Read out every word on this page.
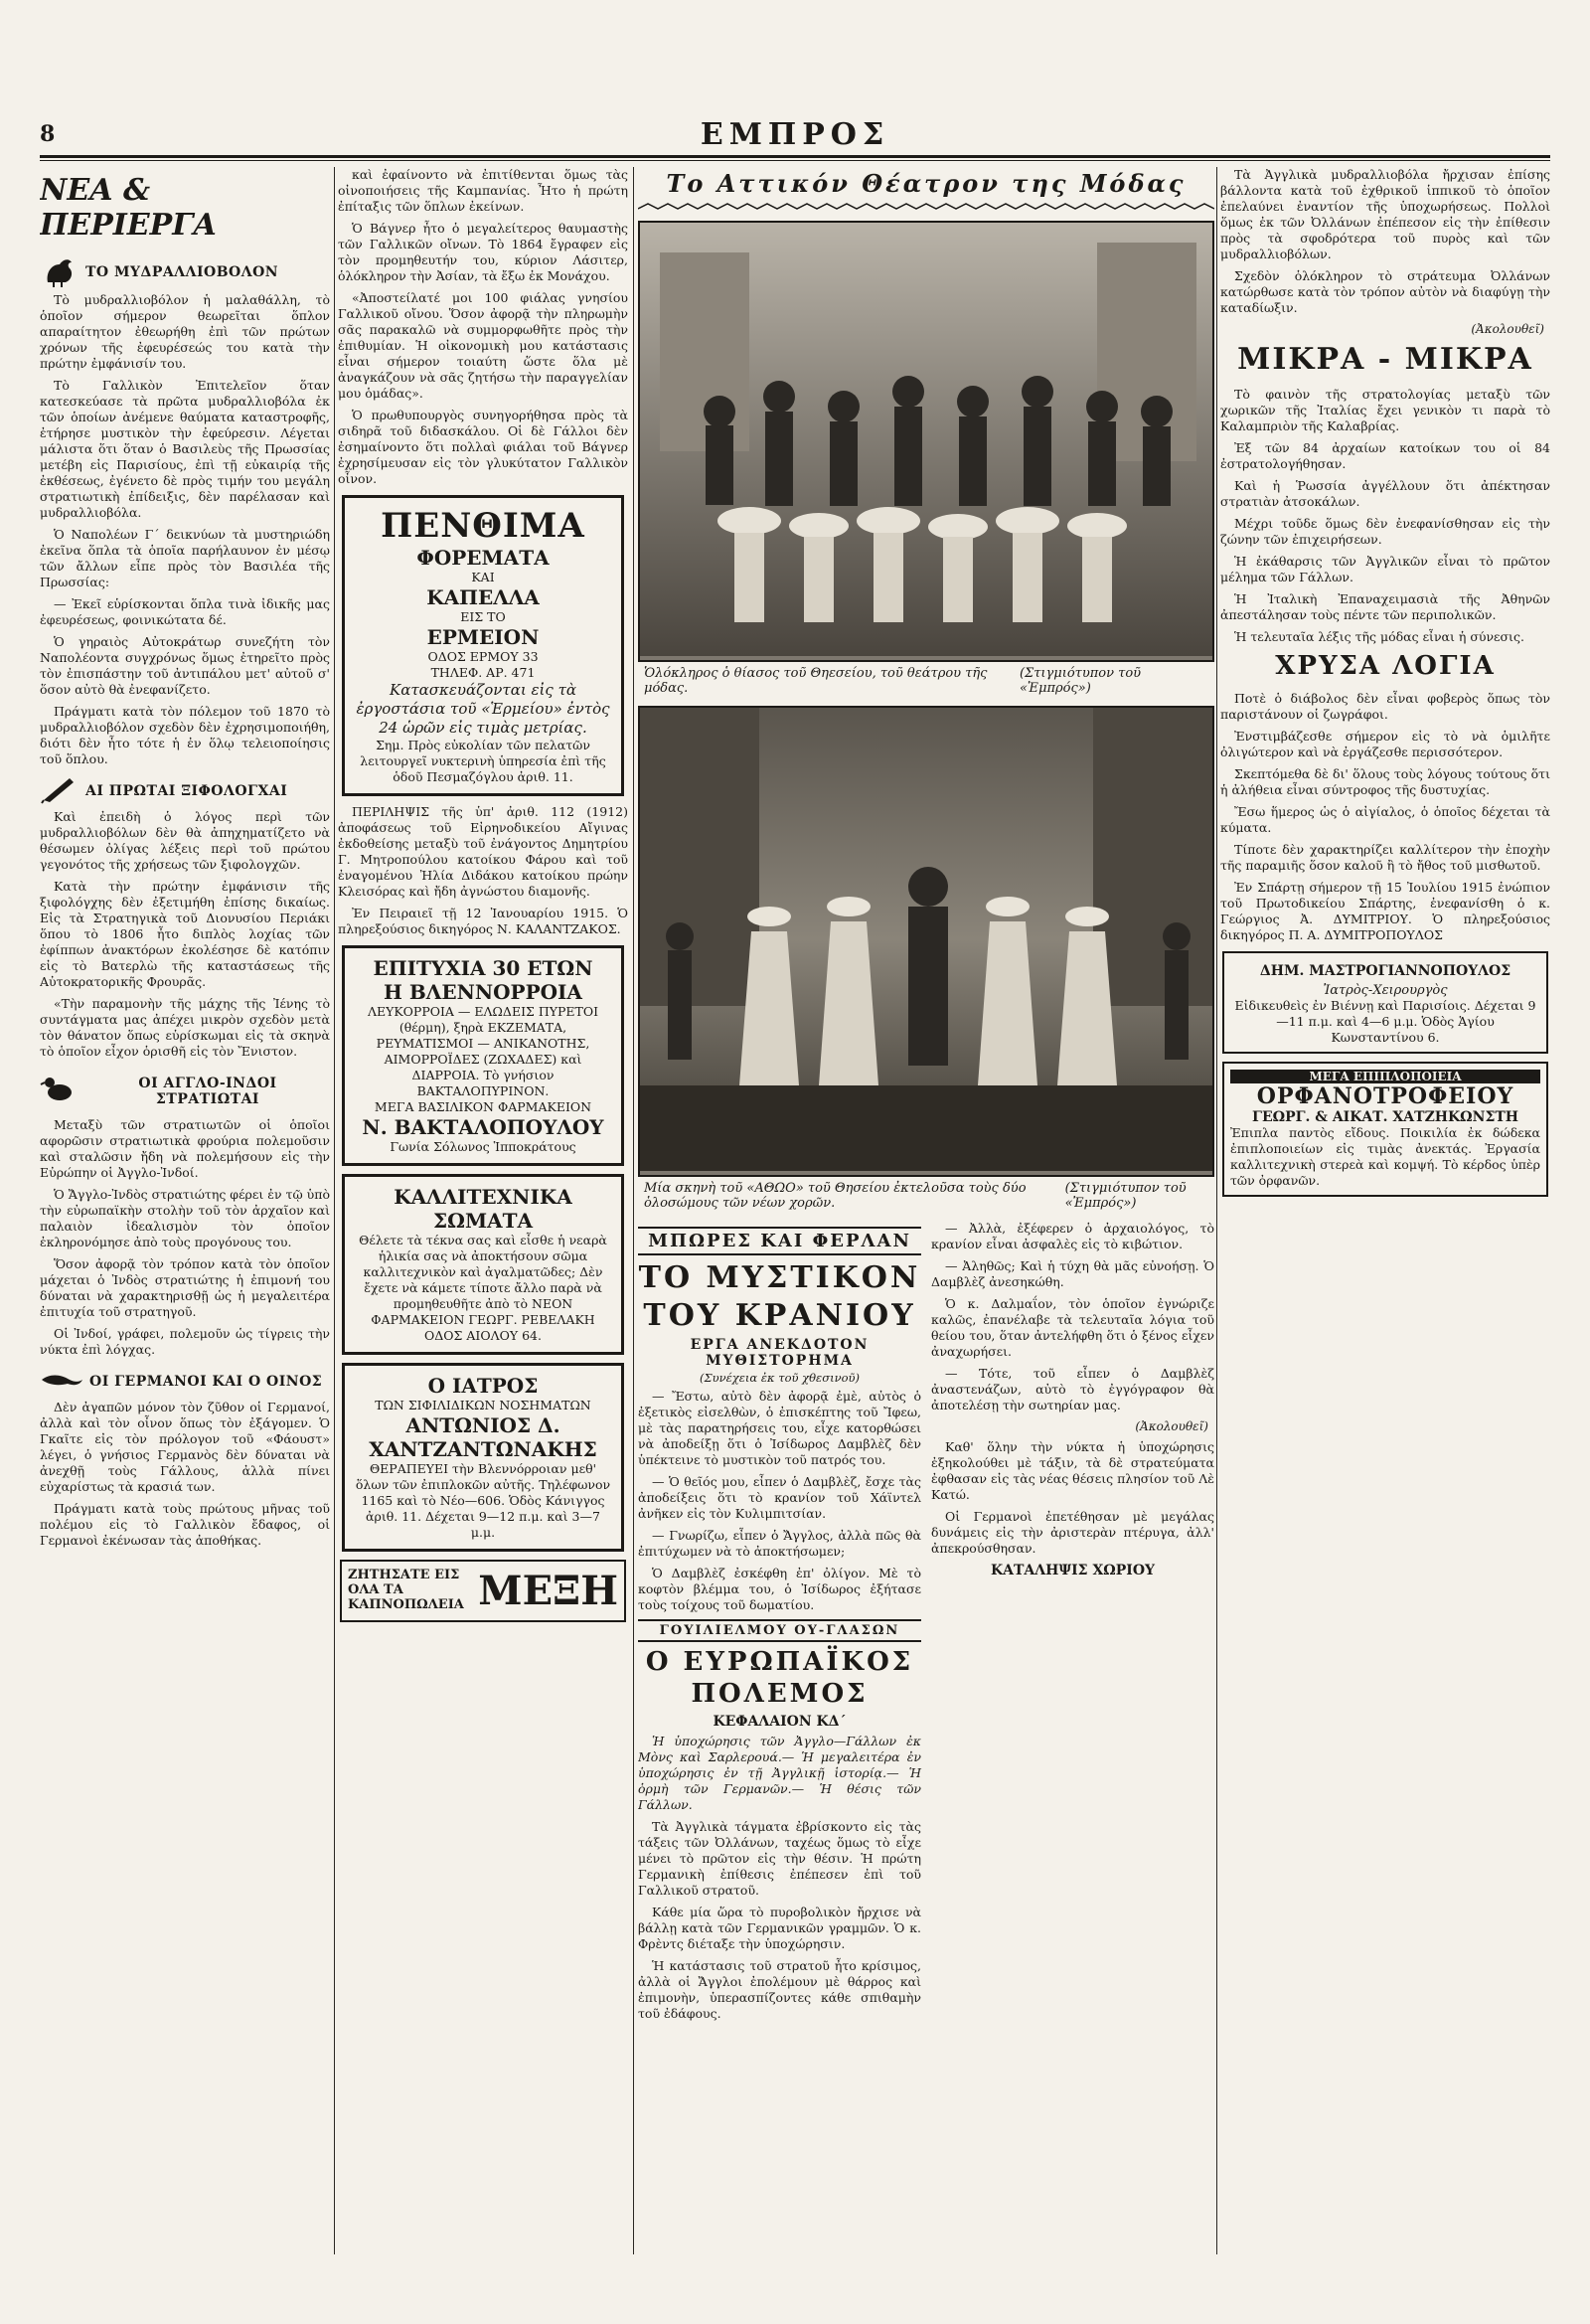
8	ΕΜΠΡΟΣ
ΝΕΑ & ΠΕΡΙΕΡΓΑ
ΤΟ ΜΥΔΡΑΛΛΙΟΒΟΛΟΝ

Τὸ μυδραλλιοβόλον ἡ μαλαθάλλη, τὸ ὁποῖον σήμερον θεωρεῖται ὅπλον απαραίτητον ἐθεωρήθη ἐπὶ τῶν πρώτων χρόνων τῆς ἐφευρέσεώς του κατὰ τὴν πρώτην ἐμφάνισίν του.

Τὸ Γαλλικὸν Ἐπιτελεῖον ὅταν κατεσκεύασε τὰ πρῶτα μυδραλλιοβόλα ἐκ τῶν ὁποίων ἀνέμενε θαύματα καταστροφῆς, ἐτήρησε μυστικὸν τὴν ἐφεύρεσιν. Λέγεται μάλιστα ὅτι ὅταν ὁ Βασιλεὺς τῆς Πρωσσίας μετέβη εἰς Παρισίους, ἐπὶ τῇ εὐκαιρίᾳ τῆς ἐκθέσεως, ἐγένετο δὲ πρὸς τιμήν του μεγάλη στρατιωτικὴ ἐπίδειξις, δὲν παρέλασαν καὶ μυδραλλιοβόλα.

Ὁ Ναπολέων Γ΄ δεικνύων τὰ μυστηριώδη ἐκεῖνα ὅπλα τὰ ὁποῖα παρήλαυνον ἐν μέσῳ τῶν ἄλλων εἶπε πρὸς τὸν Βασιλέα τῆς Πρωσσίας:

— Ἐκεῖ εὑρίσκονται ὅπλα τινὰ ἰδικῆς μας ἐφευρέσεως, φοινικώτατα δέ.

Ὁ γηραιὸς Αὐτοκράτωρ συνεζήτη τὸν Ναπολέοντα συγχρόνως ὅμως ἐτηρεῖτο πρὸς τὸν ἐπισπάστην τοῦ ἀντιπάλου μετ' αὐτοῦ σ' ὅσον αὐτὸ θὰ ἐνεφανίζετο.

Πράγματι κατὰ τὸν πόλεμον τοῦ 1870 τὸ μυδραλλιοβόλον σχεδὸν δὲν ἐχρησιμοποιήθη, διότι δὲν ἦτο τότε ἡ ἐν ὅλῳ τελειοποίησις τοῦ ὅπλου.

ΑΙ ΠΡΩΤΑΙ ΞΙΦΟΛΟΓΧΑΙ

Καὶ ἐπειδὴ ὁ λόγος περὶ τῶν μυδραλλιοβόλων δὲν θὰ ἀπηχηματίζετο νὰ θέσωμεν ὀλίγας λέξεις περὶ τοῦ πρώτου γεγονότος τῆς χρήσεως τῶν ξιφολογχῶν.

Κατὰ τὴν πρώτην ἐμφάνισιν τῆς ξιφολόγχης δὲν ἐξετιμήθη ἐπίσης δικαίως. Εἰς τὰ Στρατηγικὰ τοῦ Διονυσίου Περιάκι ὅπου τὸ 1806 ἦτο διπλὸς λοχίας τῶν ἐφίππων ἀνακτόρων ἐκολέσησε δὲ κατόπιν εἰς τὸ Βατερλὼ τῆς καταστάσεως τῆς Αὐτοκρατορικῆς Φρουρᾶς.

«Τὴν παραμονὴν τῆς μάχης τῆς Ἰένης τὸ συντάγματα μας ἀπέχει μικρὸν σχεδὸν μετὰ τὸν θάνατον ὅπως εὑρίσκωμαι εἰς τὰ σκηνὰ τὸ ὁποῖον εἶχον ὁρισθῆ εἰς τὸν Ἔνιστον.

ΟΙ ΑΓΓΛΟ-ΙΝΔΟΙ ΣΤΡΑΤΙΩΤΑΙ

Μεταξὺ τῶν στρατιωτῶν οἱ ὁποῖοι αφορῶσιν στρατιωτικὰ φρούρια πολεμοῦσιν καὶ σταλῶσιν ἤδη νὰ πολεμήσουν εἰς τὴν Εὐρώπην οἱ Ἀγγλο-Ἰνδοί.

Ὁ Ἄγγλο-Ἰνδὸς στρατιώτης φέρει ἐν τῷ ὑπὸ τὴν εὐρωπαϊκὴν στολὴν τοῦ τὸν ἀρχαῖον καὶ παλαιὸν ἰδεαλισμὸν τὸν ὁποῖον ἐκληρονόμησε ἀπὸ τοὺς προγόνους του.

Ὅσον ἀφορᾷ τὸν τρόπον κατὰ τὸν ὁποῖον μάχεται ὁ Ἰνδὸς στρατιώτης ἡ ἐπιμονή του δύναται νὰ χαρακτηρισθῇ ὡς ἡ μεγαλειτέρα ἐπιτυχία τοῦ στρατηγοῦ.

Οἱ Ἰνδοί, γράφει, πολεμοῦν ὡς τίγρεις τὴν νύκτα ἐπὶ λόγχας.

ΟΙ ΓΕΡΜΑΝΟΙ ΚΑΙ Ο ΟΙΝΟΣ

Δὲν ἀγαπῶν μόνον τὸν ζῦθον οἱ Γερμανοί, ἀλλὰ καὶ τὸν οἶνον ὅπως τὸν ἐξάγομεν. Ὁ Γκαῖτε εἰς τὸν πρόλογον τοῦ «Φάουστ» λέγει, ὁ γνήσιος Γερμανὸς δὲν δύναται νὰ ἀνεχθῇ τοὺς Γάλλους, ἀλλὰ πίνει εὐχαρίστως τὰ κρασιά των.

Πράγματι κατὰ τοὺς πρώτους μῆνας τοῦ πολέμου εἰς τὸ Γαλλικὸν ἔδαφος, οἱ Γερμανοὶ ἐκένωσαν τὰς ἀποθήκας.

καὶ ἐφαίνοντο νὰ ἐπιτίθενται ὅμως τὰς οἰνοποιήσεις τῆς Καμπανίας. Ἦτο ἡ πρώτη ἐπίταξις τῶν ὅπλων ἐκείνων.

Ὁ Βάγνερ ἦτο ὁ μεγαλείτερος θαυμαστὴς τῶν Γαλλικῶν οἴνων. Τὸ 1864 ἔγραφεν εἰς τὸν προμηθευτήν του, κύριον Λάσιτερ, ὁλόκληρον τὴν Ἀσίαν, τὰ ἔξω ἐκ Μονάχου.

«Ἀποστείλατέ μοι 100 φιάλας γνησίου Γαλλικοῦ οἴνου. Ὅσον ἀφορᾷ τὴν πληρωμὴν σᾶς παρακαλῶ νὰ συμμορφωθῆτε πρὸς τὴν ἐπιθυμίαν. Ἡ οἰκονομικὴ μου κατάστασις εἶναι σήμερον τοιαύτη ὥστε ὅλα μὲ ἀναγκάζουν νὰ σᾶς ζητήσω τὴν παραγγελίαν μου ὁμάδας».

Ὁ πρωθυπουργὸς συνηγορήθησα πρὸς τὰ σιδηρᾶ τοῦ διδασκάλου. Οἱ δὲ Γάλλοι δὲν ἐσημαίνοντο ὅτι πολλαὶ φιάλαι τοῦ Βάγνερ ἐχρησίμευσαν εἰς τὸν γλυκύτατον Γαλλικὸν οἶνον.

ΠΕΝΘΙΜΑ
ΦΟΡΕΜΑΤΑ
ΚΑΙ
ΚΑΠΕΛΛΑ
ΕΙΣ ΤΟ
ΕΡΜΕΙΟΝ
ΟΔΟΣ ΕΡΜΟΥ 33
ΤΗΛΕΦ. ΑΡ. 471
Κατασκευάζονται εἰς τὰ ἐργοστάσια τοῦ «Ἑρμείου» ἐντὸς 24 ὡρῶν εἰς τιμὰς μετρίας.
Σημ. Πρὸς εὐκολίαν τῶν πελατῶν λειτουργεῖ νυκτερινὴ ὑπηρεσία ἐπὶ τῆς ὁδοῦ Πεσμαζόγλου ἀριθ. 11.

ΠΕΡΙΛΗΨΙΣ τῆς ὑπ' ἀριθ. 112 (1912) ἀποφάσεως τοῦ Εἰρηνοδικείου Αἴγινας ἐκδοθείσης μεταξὺ τοῦ ἐνάγοντος Δημητρίου Γ. Μητροπούλου κατοίκου Φάρου καὶ τοῦ ἐναγομένου Ἠλία Διδάκου κατοίκου πρώην Κλεισόρας καὶ ἤδη ἀγνώστου διαμονῆς.

Ἐν Πειραιεῖ τῇ 12 Ἰανουαρίου 1915. Ὁ πληρεξούσιος δικηγόρος Ν. ΚΑΛΑΝΤΖΑΚΟΣ.

ΕΠΙΤΥΧΙΑ 30 ΕΤΩΝ
Η ΒΛΕΝΝΟΡΡΟΙΑ
ΛΕΥΚΟΡΡΟΙΑ — ΕΛΩΔΕΙΣ ΠΥΡΕΤΟΙ (θέρμη), ξηρὰ ΕΚΖΕΜΑΤΑ, ΡΕΥΜΑΤΙΣΜΟΙ — ΑΝΙΚΑΝΟΤΗΣ, ΑΙΜΟΡΡΟΪΔΕΣ (ΖΩΧΑΔΕΣ) καὶ ΔΙΑΡΡΟΙΑ. Τὸ γνήσιον ΒΑΚΤΑΛΟΠΥΡΙΝΟΝ.
ΜΕΓΑ ΒΑΣΙΛΙΚΟΝ ΦΑΡΜΑΚΕΙΟΝ
Ν. ΒΑΚΤΑΛΟΠΟΥΛΟΥ
Γωνία Σόλωνος Ἱπποκράτους
ΚΑΛΛΙΤΕΧΝΙΚΑ ΣΩΜΑΤΑ
Θέλετε τὰ τέκνα σας καὶ εἶσθε ἡ νεαρὰ ἡλικία σας νὰ ἀποκτήσουν σῶμα καλλιτεχνικὸν καὶ ἀγαλματῶδες; Δὲν ἔχετε νὰ κάμετε τίποτε ἄλλο παρὰ νὰ προμηθευθῆτε ἀπὸ τὸ ΝΕΟΝ ΦΑΡΜΑΚΕΙΟΝ ΓΕΩΡΓ. ΡΕΒΕΛΑΚΗ ΟΔΟΣ ΑΙΟΛΟΥ 64.
Ο ΙΑΤΡΟΣ
ΤΩΝ ΣΙΦΙΛΙΔΙΚΩΝ ΝΟΣΗΜΑΤΩΝ
ΑΝΤΩΝΙΟΣ Δ. ΧΑΝΤΖΑΝΤΩΝΑΚΗΣ
ΘΕΡΑΠΕΥΕΙ τὴν Βλεννόρροιαν μεθ' ὅλων τῶν ἐπιπλοκῶν αὐτῆς. Τηλέφωνον 1165 καὶ τὸ Νέο—606. Ὁδὸς Κάνιγγος ἀριθ. 11. Δέχεται 9—12 π.μ. καὶ 3—7 μ.μ.
ΖΗΤΗΣΑΤΕ ΕΙΣ ΟΛΑ ΤΑ ΚΑΠΝΟΠΩΛΕΙΑ ΜΕΞΗ
Το Αττικόν Θέατρον της Μόδας
Ὁλόκληρος ὁ θίασος τοῦ Θηεσείου, τοῦ θεάτρου τῆς μόδας.
(Στιγμιότυπον τοῦ «Ἐμπρός»)
Μία σκηνὴ τοῦ «ΑΘΩΟ» τοῦ Θησείου ἐκτελοῦσα τοὺς δύο ὁλοσώμους τῶν νέων χορῶν.
(Στιγμιότυπον τοῦ «Ἐμπρός»)
ΜΠΩΡΕΣ ΚΑΙ ΦΕΡΛΑΝ
ΤΟ ΜΥΣΤΙΚΟΝ ΤΟΥ ΚΡΑΝΙΟΥ
ΕΡΓΑ ΑΝΕΚΔΟΤΟΝ ΜΥΘΙΣΤΟΡΗΜΑ
(Συνέχεια ἐκ τοῦ χθεσινοῦ)

— Ἔστω, αὐτὸ δὲν ἀφορᾷ ἐμὲ, αὐτὸς ὁ ἐξετικὸς εἰσελθὼν, ὁ ἐπισκέπτης τοῦ Ἴφεω, μὲ τὰς παρατηρήσεις του, εἶχε κατορθώσει νὰ ἀποδείξῃ ὅτι ὁ Ἰσίδωρος Δαμβλὲζ δὲν ὑπέκτεινε τὸ μυστικὸν τοῦ πατρός του.

— Ὁ θεῖός μου, εἶπεν ὁ Δαμβλὲζ, ἔσχε τὰς ἀποδείξεις ὅτι τὸ κρανίον τοῦ Χάϊντελ ἀνῆκεν εἰς τὸν Κυλιμπιτσίαν.

— Γνωρίζω, εἶπεν ὁ Ἄγγλος, ἀλλὰ πῶς θὰ ἐπιτύχωμεν νὰ τὸ ἀποκτήσωμεν;

Ὁ Δαμβλὲζ ἐσκέφθη ἐπ' ὀλίγον. Μὲ τὸ κοφτὸν βλέμμα του, ὁ Ἰσίδωρος ἐξήτασε τοὺς τοίχους τοῦ δωματίου.

ΓΟΥΙΛΙΕΛΜΟΥ ΟΥ-ΓΛΑΣΩΝ
Ο ΕΥΡΩΠΑΪΚΟΣ ΠΟΛΕΜΟΣ
ΚΕΦΑΛΑΙΟΝ ΚΔ΄

Ἡ ὑποχώρησις τῶν Ἀγγλο—Γάλλων ἐκ Μὸνς καὶ Σαρλερουά.— Ἡ μεγαλειτέρα ἐν ὑποχώρησις ἐν τῇ Ἀγγλικῇ ἱστορίᾳ.— Ἡ ὁρμὴ τῶν Γερμανῶν.— Ἡ θέσις τῶν Γάλλων.

Τὰ Ἀγγλικὰ τάγματα ἐβρίσκοντο εἰς τὰς τάξεις τῶν Ὀλλάνων, ταχέως ὅμως τὸ εἶχε μένει τὸ πρῶτον εἰς τὴν θέσιν. Ἡ πρώτη Γερμανικὴ ἐπίθεσις ἐπέπεσεν ἐπὶ τοῦ Γαλλικοῦ στρατοῦ.

Κάθε μία ὥρα τὸ πυροβολικὸν ἤρχισε νὰ βάλλῃ κατὰ τῶν Γερμανικῶν γραμμῶν. Ὁ κ. Φρὲντς διέταξε τὴν ὑποχώρησιν.

Ἡ κατάστασις τοῦ στρατοῦ ἦτο κρίσιμος, ἀλλὰ οἱ Ἄγγλοι ἐπολέμουν μὲ θάρρος καὶ ἐπιμονὴν, ὑπερασπίζοντες κάθε σπιθαμὴν τοῦ ἐδάφους.

— Ἀλλὰ, ἐξέφερεν ὁ ἀρχαιολόγος, τὸ κρανίον εἶναι ἀσφαλὲς εἰς τὸ κιβώτιον.

— Ἀληθῶς; Καὶ ἡ τύχη θὰ μᾶς εὐνοήσῃ. Ὁ Δαμβλὲζ ἀνεσηκώθη.

Ὁ κ. Δαλμαΐον, τὸν ὁποῖον ἐγνώριζε καλῶς, ἐπανέλαβε τὰ τελευταῖα λόγια τοῦ θείου του, ὅταν ἀντελήφθη ὅτι ὁ ξένος εἶχεν ἀναχωρήσει.

— Τότε, τοῦ εἶπεν ὁ Δαμβλὲζ ἀναστενάζων, αὐτὸ τὸ ἐγγόγραφον θὰ ἀποτελέσῃ τὴν σωτηρίαν μας.

(Ἀκολουθεῖ)

Καθ' ὅλην τὴν νύκτα ἡ ὑποχώρησις ἐξηκολούθει μὲ τάξιν, τὰ δὲ στρατεύματα ἐφθασαν εἰς τὰς νέας θέσεις πλησίον τοῦ Λὲ Κατώ.

Οἱ Γερμανοὶ ἐπετέθησαν μὲ μεγάλας δυνάμεις εἰς τὴν ἀριστερὰν πτέρυγα, ἀλλ' ἀπεκρούσθησαν.

ΚΑΤΑΛΗΨΙΣ ΧΩΡΙΟΥ

Τὰ Ἀγγλικὰ μυδραλλιοβόλα ἤρχισαν ἐπίσης βάλλοντα κατὰ τοῦ ἐχθρικοῦ ἱππικοῦ τὸ ὁποῖον ἐπελαύνει ἐναντίον τῆς ὑποχωρήσεως. Πολλοὶ ὅμως ἐκ τῶν Ὀλλάνων ἐπέπεσον εἰς τὴν ἐπίθεσιν πρὸς τὰ σφοδρότερα τοῦ πυρὸς καὶ τῶν μυδραλλιοβόλων.

Σχεδὸν ὁλόκληρον τὸ στράτευμα Ὀλλάνων κατώρθωσε κατὰ τὸν τρόπον αὐτὸν νὰ διαφύγῃ τὴν καταδίωξιν.

(Ἀκολουθεῖ)
ΜΙΚΡΑ - ΜΙΚΡΑ

Τὸ φαινὸν τῆς στρατολογίας μεταξὺ τῶν χωρικῶν τῆς Ἰταλίας ἔχει γενικὸν τι παρὰ τὸ Καλαμπριὸν τῆς Καλαβρίας.

Ἐξ τῶν 84 ἀρχαίων κατοίκων του οἱ 84 ἐστρατολογήθησαν.

Καὶ ἡ Ῥωσσία ἀγγέλλουν ὅτι ἀπέκτησαν στρατιὰν ἀτσοκάλων.

Μέχρι τοῦδε ὅμως δὲν ἐνεφανίσθησαν εἰς τὴν ζώνην τῶν ἐπιχειρήσεων.

Ἡ ἐκάθαρσις τῶν Ἀγγλικῶν εἶναι τὸ πρῶτον μέλημα τῶν Γάλλων.

Ἡ Ἰταλικὴ Ἐπαναχειμασιὰ τῆς Ἀθηνῶν ἀπεστάλησαν τοὺς πέντε τῶν περιπολικῶν.

Ἡ τελευταῖα λέξις τῆς μόδας εἶναι ἡ σύνεσις.

ΧΡΥΣΑ ΛΟΓΙΑ

Ποτὲ ὁ διάβολος δὲν εἶναι φοβερὸς ὅπως τὸν παριστάνουν οἱ ζωγράφοι.

Ἐνστιμβάζεσθε σήμερον εἰς τὸ νὰ ὁμιλῆτε ὀλιγώτερον καὶ νὰ ἐργάζεσθε περισσότερον.

Σκεπτόμεθα δὲ δι' ὅλους τοὺς λόγους τούτους ὅτι ἡ ἀλήθεια εἶναι σύντροφος τῆς δυστυχίας.

Ἔσω ἥμερος ὡς ὁ αἰγίαλος, ὁ ὁποῖος δέχεται τὰ κύματα.

Τίποτε δὲν χαρακτηρίζει καλλίτερον τὴν ἐποχὴν τῆς παραμιῆς ὅσον καλοῦ ἢ τὸ ἤθος τοῦ μισθωτοῦ.

Ἐν Σπάρτῃ σήμερον τῇ 15 Ἰουλίου 1915 ἐνώπιον τοῦ Πρωτοδικείου Σπάρτης, ἐνεφανίσθη ὁ κ. Γεώργιος Ἀ. ΔΥΜΙΤΡΙΟΥ. Ὁ πληρεξούσιος δικηγόρος Π. Α. ΔΥΜΙΤΡΟΠΟΥΛΟΣ

ΔΗΜ. ΜΑΣΤΡΟΓΙΑΝΝΟΠΟΥΛΟΣ
Ἰατρὸς-Χειρουργὸς
Εἰδικευθεὶς ἐν Βιέννῃ καὶ Παρισίοις. Δέχεται 9—11 π.μ. καὶ 4—6 μ.μ. Ὁδὸς Ἁγίου Κωνσταντίνου 6.
ΜΕΓΑ ΕΠΙΠΛΟΠΟΙΕΙΑ
ΟΡΦΑΝΟΤΡΟΦΕΙΟΥ
ΓΕΩΡΓ. & ΑΙΚΑΤ. ΧΑΤΖΗΚΩΝΣΤΗ
Ἐπιπλα παντὸς εἴδους. Ποικιλία ἐκ δώδεκα ἐπιπλοποιείων εἰς τιμὰς ἀνεκτάς. Ἐργασία καλλιτεχνικὴ στερεὰ καὶ κομψή. Τὸ κέρδος ὑπὲρ τῶν ὀρφανῶν.
